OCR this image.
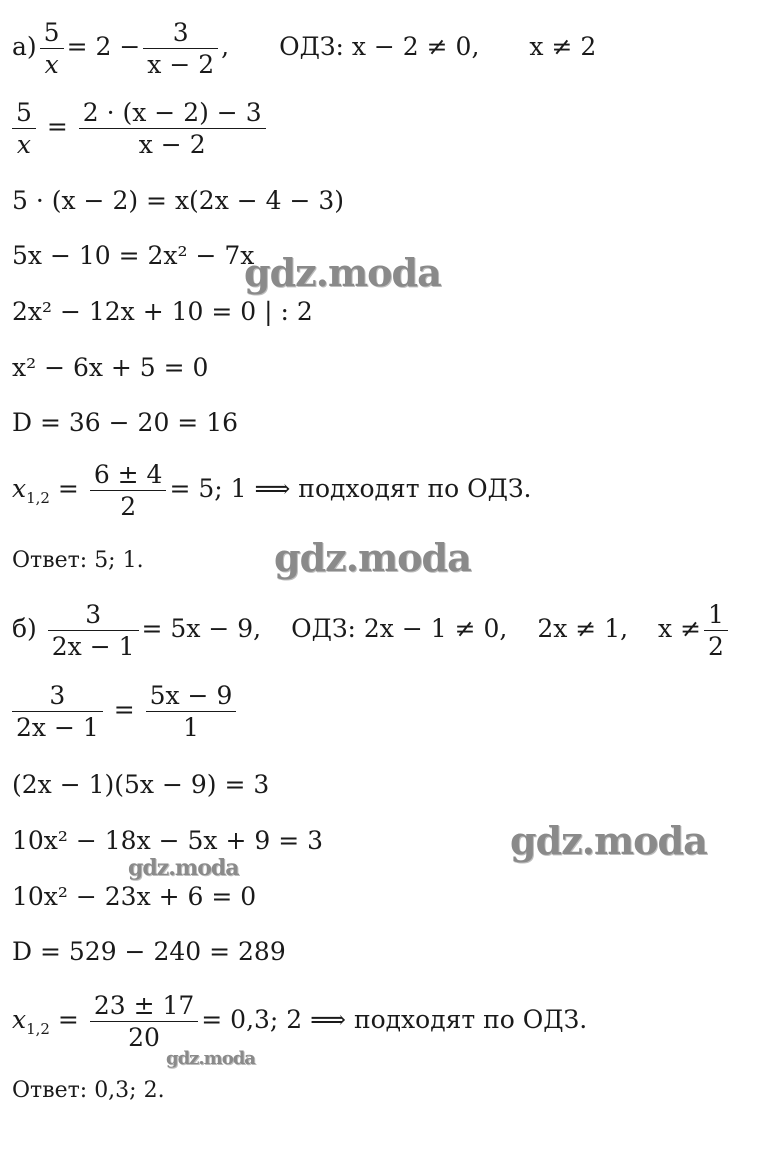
$а) \frac{5}{x} = 2 - \frac{3}{x - 2}$ , ОДЗ: x − 2 ≠ 0, x ≠ 2
$\frac{5}{x} = \frac{2 \cdot (x - 2) - 3}{x - 2}$
5 · (x − 2) = x(2x − 4 − 3)
5x − 10 = 2x² − 7x
2x² − 12x + 10 = 0 | : 2
x² − 6x + 5 = 0
D = 36 − 20 = 16
$x_{1,2} = \frac{6 \pm 4}{2} = 5$; 1 ⟹ подходят по ОДЗ.
Ответ: 5; 1.
$б) \frac{3}{2x - 1} = 5x - 9$, ОДЗ: 2x − 1 ≠ 0, 2x ≠ 1, $x \ne \frac{1}{2}$
$\frac{3}{2x - 1} = \frac{5x - 9}{1}$
(2x − 1)(5x − 9) = 3
10x² − 18x − 5x + 9 = 3
10x² − 23x + 6 = 0
D = 529 − 240 = 289
$x_{1,2} = \frac{23 \pm 17}{20} = 0,3$; 2 ⟹ подходят по ОДЗ.
Ответ: 0,3; 2.
gdz.moda
gdz.moda
gdz.moda
gdz.moda
gdz.moda
